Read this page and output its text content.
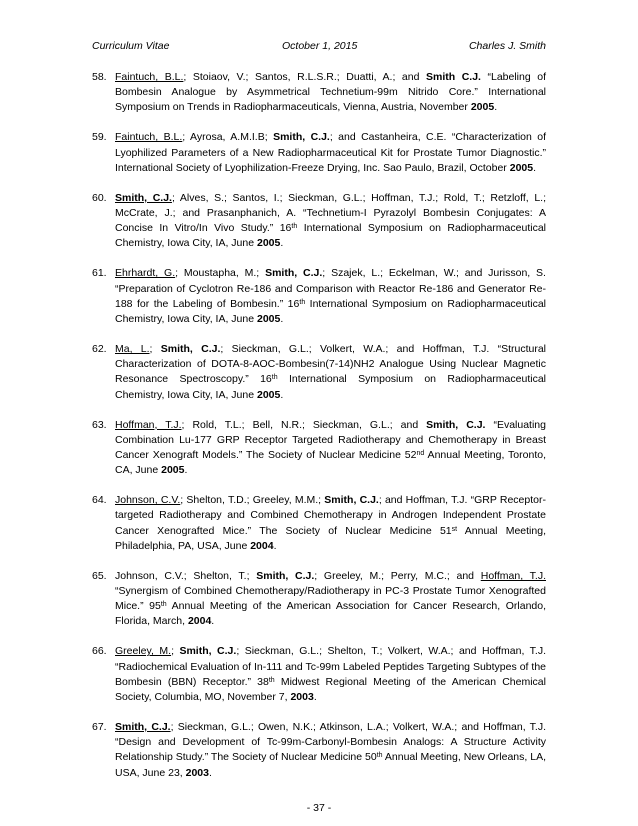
Curriculum Vitae	October 1, 2015	Charles J. Smith
58. Faintuch, B.L.; Stoiaov, V.; Santos, R.L.S.R.; Duatti, A.; and Smith C.J. “Labeling of Bombesin Analogue by Asymmetrical Technetium-99m Nitrido Core.” International Symposium on Trends in Radiopharmaceuticals, Vienna, Austria, November 2005.
59. Faintuch, B.L.; Ayrosa, A.M.I.B; Smith, C.J.; and Castanheira, C.E. “Characterization of Lyophilized Parameters of a New Radiopharmaceutical Kit for Prostate Tumor Diagnostic.” International Society of Lyophilization-Freeze Drying, Inc. Sao Paulo, Brazil, October 2005.
60. Smith, C.J.; Alves, S.; Santos, I.; Sieckman, G.L.; Hoffman, T.J.; Rold, T.; Retzloff, L.; McCrate, J.; and Prasanphanich, A. “Technetium-I Pyrazolyl Bombesin Conjugates: A Concise In Vitro/In Vivo Study.” 16th International Symposium on Radiopharmaceutical Chemistry, Iowa City, IA, June 2005.
61. Ehrhardt, G.; Moustapha, M.; Smith, C.J.; Szajek, L.; Eckelman, W.; and Jurisson, S. “Preparation of Cyclotron Re-186 and Comparison with Reactor Re-186 and Generator Re-188 for the Labeling of Bombesin.” 16th International Symposium on Radiopharmaceutical Chemistry, Iowa City, IA, June 2005.
62. Ma, L.; Smith, C.J.; Sieckman, G.L.; Volkert, W.A.; and Hoffman, T.J. “Structural Characterization of DOTA-8-AOC-Bombesin(7-14)NH2 Analogue Using Nuclear Magnetic Resonance Spectroscopy.” 16th International Symposium on Radiopharmaceutical Chemistry, Iowa City, IA, June 2005.
63. Hoffman, T.J.; Rold, T.L.; Bell, N.R.; Sieckman, G.L.; and Smith, C.J. “Evaluating Combination Lu-177 GRP Receptor Targeted Radiotherapy and Chemotherapy in Breast Cancer Xenograft Models.” The Society of Nuclear Medicine 52nd Annual Meeting, Toronto, CA, June 2005.
64. Johnson, C.V.; Shelton, T.D.; Greeley, M.M.; Smith, C.J.; and Hoffman, T.J. “GRP Receptor-targeted Radiotherapy and Combined Chemotherapy in Androgen Independent Prostate Cancer Xenografted Mice.” The Society of Nuclear Medicine 51st Annual Meeting, Philadelphia, PA, USA, June 2004.
65. Johnson, C.V.; Shelton, T.; Smith, C.J.; Greeley, M.; Perry, M.C.; and Hoffman, T.J. “Synergism of Combined Chemotherapy/Radiotherapy in PC-3 Prostate Tumor Xenografted Mice.” 95th Annual Meeting of the American Association for Cancer Research, Orlando, Florida, March, 2004.
66. Greeley, M.; Smith, C.J.; Sieckman, G.L.; Shelton, T.; Volkert, W.A.; and Hoffman, T.J. “Radiochemical Evaluation of In-111 and Tc-99m Labeled Peptides Targeting Subtypes of the Bombesin (BBN) Receptor.” 38th Midwest Regional Meeting of the American Chemical Society, Columbia, MO, November 7, 2003.
67. Smith, C.J.; Sieckman, G.L.; Owen, N.K.; Atkinson, L.A.; Volkert, W.A.; and Hoffman, T.J. “Design and Development of Tc-99m-Carbonyl-Bombesin Analogs: A Structure Activity Relationship Study.” The Society of Nuclear Medicine 50th Annual Meeting, New Orleans, LA, USA, June 23, 2003.
- 37 -
